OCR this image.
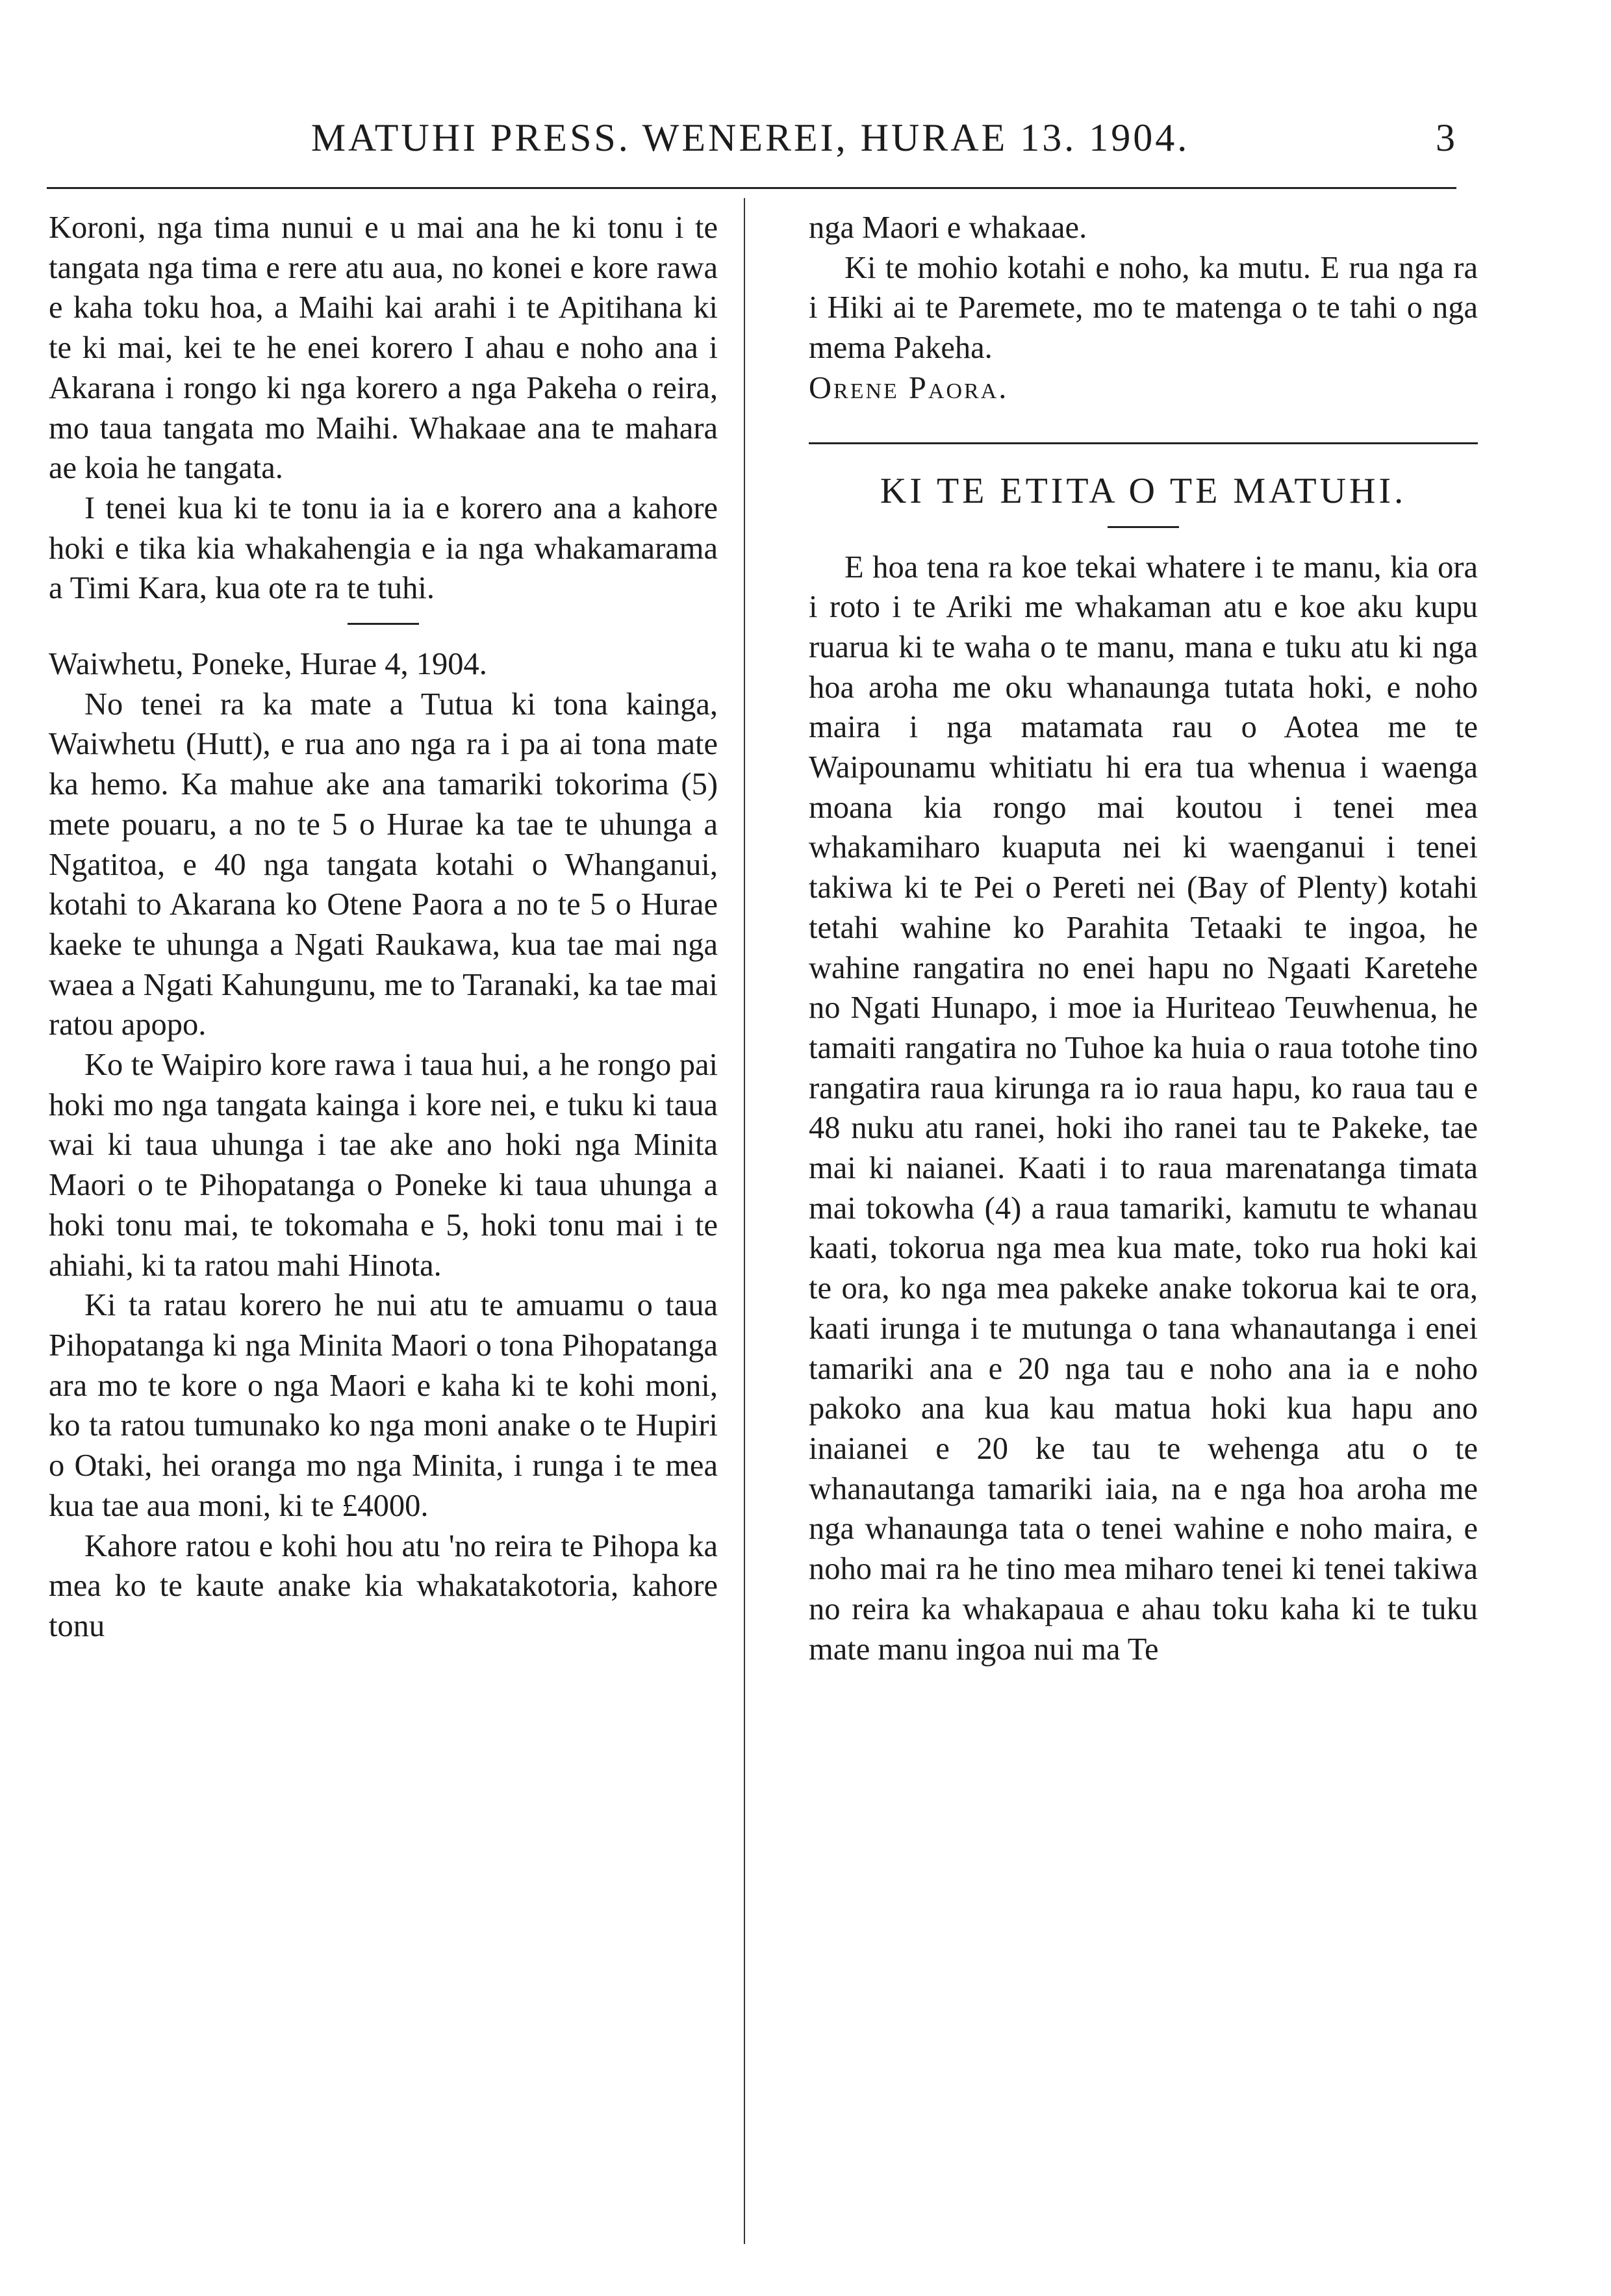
MATUHI PRESS. WENEREI, HURAE 13. 1904.	3

Koroni, nga tima nunui e u mai ana he ki tonu i te tangata nga tima e rere atu aua, no konei e kore rawa e kaha toku hoa, a Maihi kai arahi i te Apitihana ki te ki mai, kei te he enei korero I ahau e noho ana i Akarana i rongo ki nga korero a nga Pakeha o reira, mo taua tangata mo Maihi. Whakaae ana te mahara ae koia he tangata.

I tenei kua ki te tonu ia ia e korero ana a kahore hoki e tika kia whakahengia e ia nga whakamarama a Timi Kara, kua ote ra te tuhi.

Waiwhetu, Poneke, Hurae 4, 1904.

No tenei ra ka mate a Tutua ki tona kainga, Waiwhetu (Hutt), e rua ano nga ra i pa ai tona mate ka hemo. Ka mahue ake ana tamariki tokorima (5) mete pouaru, a no te 5 o Hurae ka tae te uhunga a Ngatitoa, e 40 nga tangata kotahi o Whanganui, kotahi to Akarana ko Otene Paora a no te 5 o Hurae kaeke te uhunga a Ngati Raukawa, kua tae mai nga waea a Ngati Kahungunu, me to Taranaki, ka tae mai ratou apopo.

Ko te Waipiro kore rawa i taua hui, a he rongo pai hoki mo nga tangata kainga i kore nei, e tuku ki taua wai ki taua uhunga i tae ake ano hoki nga Minita Maori o te Pihopatanga o Poneke ki taua uhunga a hoki tonu mai, te tokomaha e 5, hoki tonu mai i te ahiahi, ki ta ratou mahi Hinota.

Ki ta ratau korero he nui atu te amuamu o taua Pihopatanga ki nga Minita Maori o tona Pihopatanga ara mo te kore o nga Maori e kaha ki te kohi moni, ko ta ratou tumunako ko nga moni anake o te Hupiri o Otaki, hei oranga mo nga Minita, i runga i te mea kua tae aua moni, ki te £4000.

Kahore ratou e kohi hou atu 'no reira te Pihopa ka mea ko te kaute anake kia whakatakotoria, kahore tonu

nga Maori e whakaae.

Ki te mohio kotahi e noho, ka mutu. E rua nga ra i Hiki ai te Paremete, mo te matenga o te tahi o nga mema Pakeha.

Orene Paora.

KI TE ETITA O TE MATUHI.

E hoa tena ra koe tekai whatere i te manu, kia ora i roto i te Ariki me whakaman atu e koe aku kupu ruarua ki te waha o te manu, mana e tuku atu ki nga hoa aroha me oku whanaunga tutata hoki, e noho maira i nga matamata rau o Aotea me te Waipounamu whitiatu hi era tua whenua i waenga moana kia rongo mai koutou i tenei mea whakamiharo kuaputa nei ki waenganui i tenei takiwa ki te Pei o Pereti nei (Bay of Plenty) kotahi tetahi wahine ko Parahita Tetaaki te ingoa, he wahine rangatira no enei hapu no Ngaati Karetehe no Ngati Hunapo, i moe ia Huriteao Teuwhenua, he tamaiti rangatira no Tuhoe ka huia o raua totohe tino rangatira raua kirunga ra io raua hapu, ko raua tau e 48 nuku atu ranei, hoki iho ranei tau te Pakeke, tae mai ki naianei. Kaati i to raua marenatanga timata mai tokowha (4) a raua tamariki, kamutu te whanau kaati, tokorua nga mea kua mate, toko rua hoki kai te ora, ko nga mea pakeke anake tokorua kai te ora, kaati irunga i te mutunga o tana whanautanga i enei tamariki ana e 20 nga tau e noho ana ia e noho pakoko ana kua kau matua hoki kua hapu ano inaianei e 20 ke tau te wehenga atu o te whanautanga tamariki iaia, na e nga hoa aroha me nga whanaunga tata o tenei wahine e noho maira, e noho mai ra he tino mea miharo tenei ki tenei takiwa no reira ka whakapaua e ahau toku kaha ki te tuku mate manu ingoa nui ma Te
